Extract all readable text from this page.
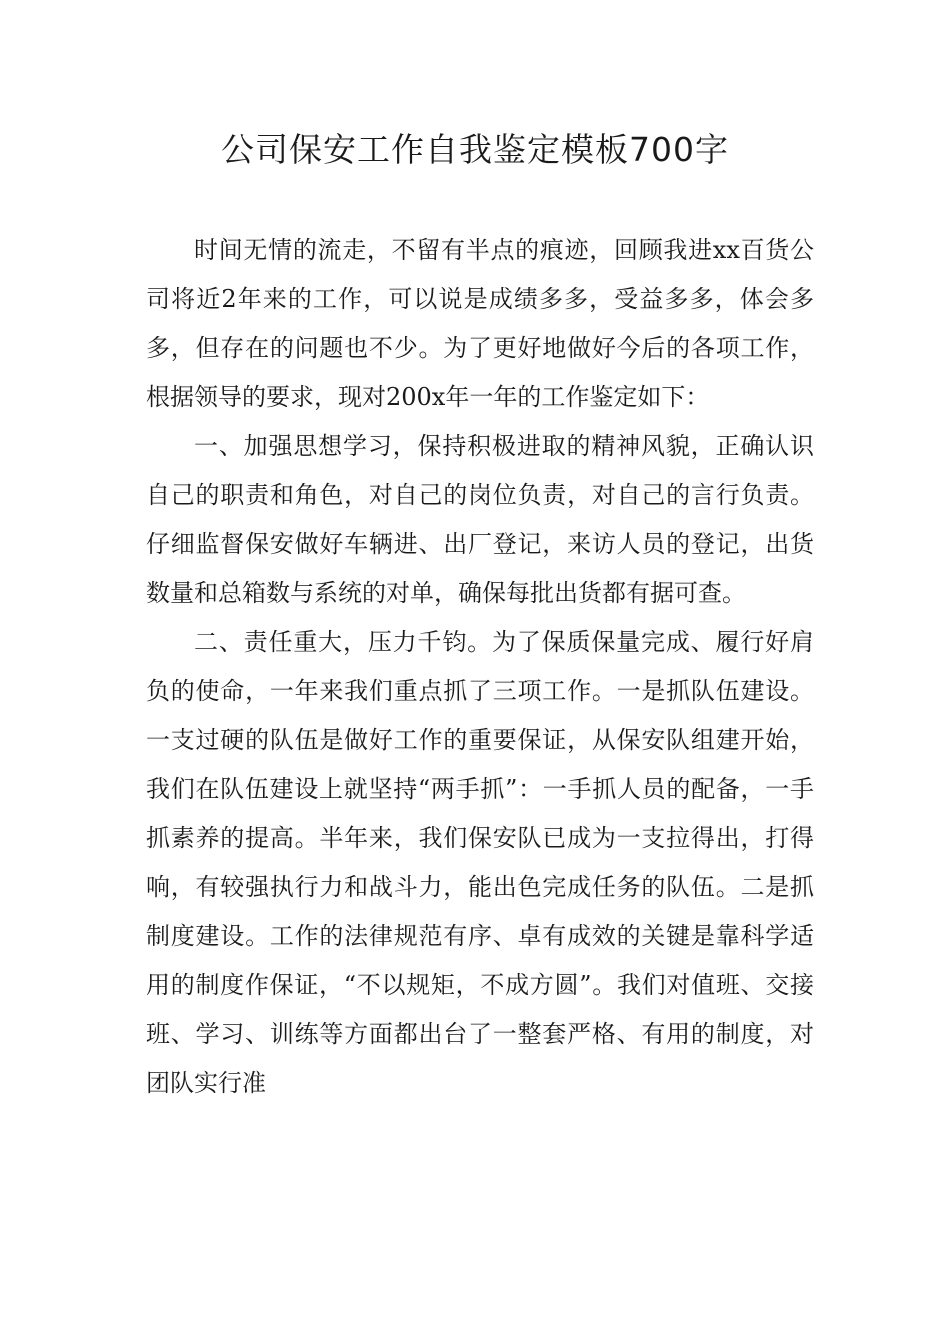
公司保安工作自我鉴定模板700字

时间无情的流走，不留有半点的痕迹，回顾我进xx百货公司将近2年来的工作，可以说是成绩多多，受益多多，体会多多，但存在的问题也不少。为了更好地做好今后的各项工作，根据领导的要求，现对200x年一年的工作鉴定如下：

一、加强思想学习，保持积极进取的精神风貌，正确认识自己的职责和角色，对自己的岗位负责，对自己的言行负责。仔细监督保安做好车辆进、出厂登记，来访人员的登记，出货数量和总箱数与系统的对单，确保每批出货都有据可查。

二、责任重大，压力千钧。为了保质保量完成、履行好肩负的使命，一年来我们重点抓了三项工作。一是抓队伍建设。一支过硬的队伍是做好工作的重要保证，从保安队组建开始，我们在队伍建设上就坚持“两手抓”：一手抓人员的配备，一手抓素养的提高。半年来，我们保安队已成为一支拉得出，打得响，有较强执行力和战斗力，能出色完成任务的队伍。二是抓制度建设。工作的法律规范有序、卓有成效的关键是靠科学适用的制度作保证，“不以规矩，不成方圆”。我们对值班、交接班、学习、训练等方面都出台了一整套严格、有用的制度，对团队实行准
